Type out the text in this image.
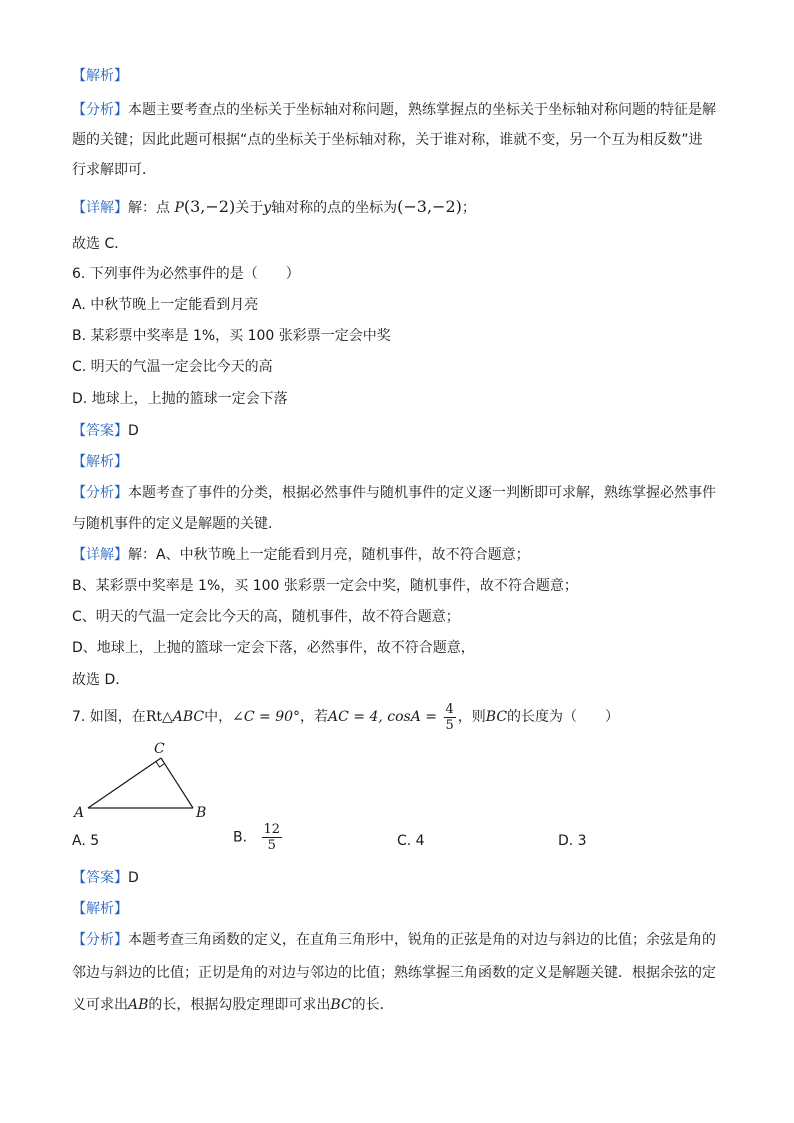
【解析】
【分析】本题主要考查点的坐标关于坐标轴对称问题，熟练掌握点的坐标关于坐标轴对称问题的特征是解
题的关键；因此此题可根据“点的坐标关于坐标轴对称，关于谁对称，谁就不变，另一个互为相反数”进
行求解即可．
【详解】解：点 P(3,−2)关于y轴对称的点的坐标为(−3,−2)；
故选 C．
6. 下列事件为必然事件的是（　　）
A. 中秋节晚上一定能看到月亮
B. 某彩票中奖率是 1%，买 100 张彩票一定会中奖
C. 明天的气温一定会比今天的高
D. 地球上，上抛的篮球一定会下落
【答案】D
【解析】
【分析】本题考查了事件的分类，根据必然事件与随机事件的定义逐一判断即可求解，熟练掌握必然事件
与随机事件的定义是解题的关键．
【详解】解：A、中秋节晚上一定能看到月亮，随机事件，故不符合题意；
B、某彩票中奖率是 1%，买 100 张彩票一定会中奖，随机事件，故不符合题意；
C、明天的气温一定会比今天的高，随机事件，故不符合题意；
D、地球上，上抛的篮球一定会下落，必然事件，故不符合题意，
故选 D．
7. 如图，在Rt△ABC中，∠C = 90°，若AC = 4, $\cos A = \frac{4}{5}$ ，则BC的长度为（　　）
A	B
C
A. 5	B. $\frac{12}{5}$	C. 4	D. 3
【答案】D
【解析】
【分析】本题考查三角函数的定义，在直角三角形中，锐角的正弦是角的对边与斜边的比值；余弦是角的
邻边与斜边的比值；正切是角的对边与邻边的比值；熟练掌握三角函数的定义是解题关键．根据余弦的定
义可求出AB的长，根据勾股定理即可求出BC的长．
